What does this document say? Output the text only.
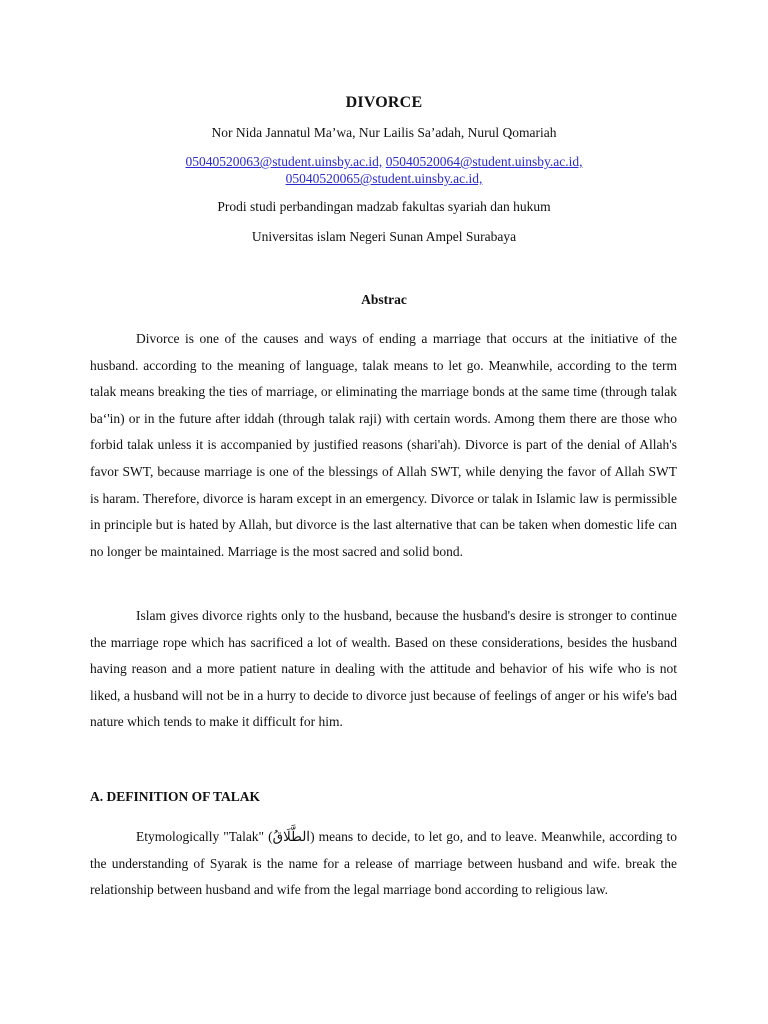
DIVORCE
Nor Nida Jannatul Ma’wa, Nur Lailis Sa’adah, Nurul Qomariah
05040520063@student.uinsby.ac.id, 05040520064@student.uinsby.ac.id,
05040520065@student.uinsby.ac.id,
Prodi studi perbandingan madzab fakultas syariah dan hukum
Universitas islam Negeri Sunan Ampel Surabaya
Abstrac

Divorce is one of the causes and ways of ending a marriage that occurs at the initiative of the husband. according to the meaning of language, talak means to let go. Meanwhile, according to the term talak means breaking the ties of marriage, or eliminating the marriage bonds at the same time (through talak ba‘'in) or in the future after iddah (through talak raji) with certain words. Among them there are those who forbid talak unless it is accompanied by justified reasons (shari'ah). Divorce is part of the denial of Allah's favor SWT, because marriage is one of the blessings of Allah SWT, while denying the favor of Allah SWT is haram. Therefore, divorce is haram except in an emergency. Divorce or talak in Islamic law is permissible in principle but is hated by Allah, but divorce is the last alternative that can be taken when domestic life can no longer be maintained. Marriage is the most sacred and solid bond.

Islam gives divorce rights only to the husband, because the husband's desire is stronger to continue the marriage rope which has sacrificed a lot of wealth. Based on these considerations, besides the husband having reason and a more patient nature in dealing with the attitude and behavior of his wife who is not liked, a husband will not be in a hurry to decide to divorce just because of feelings of anger or his wife's bad nature which tends to make it difficult for him.

A. DEFINITION OF TALAK

Etymologically "Talak" (الطَّلَاقُ) means to decide, to let go, and to leave. Meanwhile, according to the understanding of Syarak is the name for a release of marriage between husband and wife. break the relationship between husband and wife from the legal marriage bond according to religious law.
